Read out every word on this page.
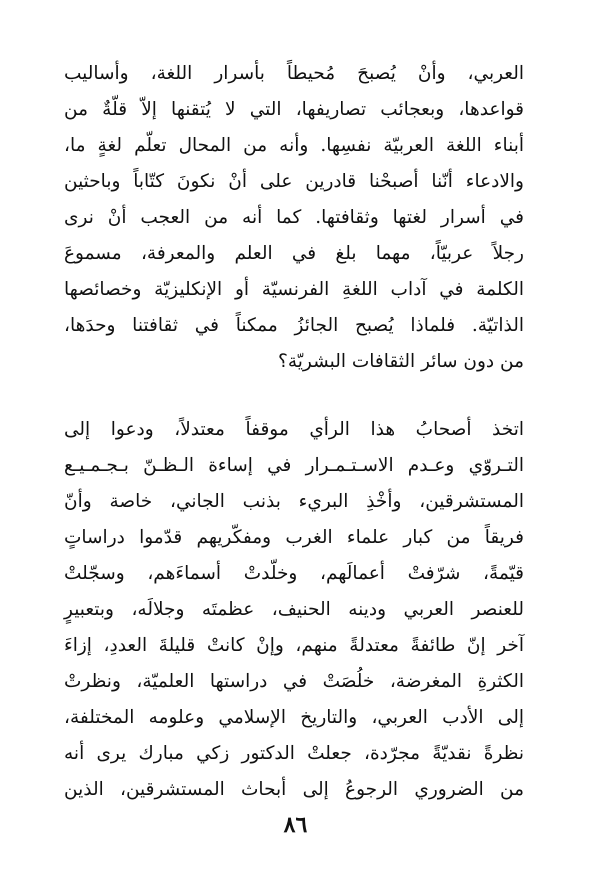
العربي، وأنْ يُصبحَ مُحيطاً بأسرار اللغة، وأساليب
قواعدها، وبعجائب تصاريفها، التي لا يُتقنها إلاّ قلّةٌ من
أبناء اللغة العربيّة نفسِها. وأنه من المحال تعلّم لغةٍ ما،
والادعاء أنّنا أصبحْنا قادرين على أنْ نكونَ كتّاباً وباحثين
في أسرار لغتها وثقافتها. كما أنه من العجب أنْ نرى
رجلاً عربيّاً، مهما بلغ في العلم والمعرفة، مسموعَ
الكلمة في آداب اللغةِ الفرنسيّة أو الإنكليزيّة وخصائصها
الذاتيّة. فلماذا يُصبح الجائزُ ممكناً في ثقافتنا وحدَها،
من دون سائر الثقافات البشريّة؟
اتخذ أصحابُ هذا الرأي موقفاً معتدلاً، ودعوا إلى
التـروّي وعـدم الاسـتـمـرار في إساءة الـظـنّ بـجـمـيـع
المستشرقين، وأخْذِ البريء بذنب الجاني، خاصة وأنّ
فريقاً من كبار علماء الغرب ومفكّريهم قدّموا دراساتٍ
قيّمةً، شرّفتْ أعمالَهم، وخلّدتْ أسماءَهم، وسجّلتْ
للعنصر العربي ودينه الحنيف، عظمتَه وجلالَه، وبتعبيرٍ
آخر إنّ طائفةً معتدلةً منهم، وإنْ كانتْ قليلةَ العددِ، إزاءَ
الكثرةِ المغرضة، خلُصَتْ في دراستها العلميّة، ونظرتْ
إلى الأدب العربي، والتاريخ الإسلامي وعلومه المختلفة،
نظرةً نقديّةً مجرّدة، جعلتْ الدكتور زكي مبارك يرى أنه
من الضروري الرجوعُ إلى أبحاث المستشرقين، الذين
٨٦
